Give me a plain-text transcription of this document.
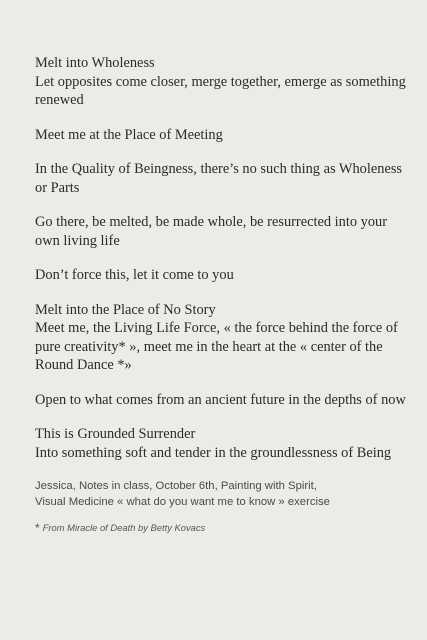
Melt into Wholeness
Let opposites come closer, merge together, emerge as something renewed

Meet me at the Place of Meeting

In the Quality of Beingness, there’s no such thing as Wholeness or Parts

Go there, be melted, be made whole, be resurrected into your own living life

Don’t force this, let it come to you

Melt into the Place of No Story
Meet me, the Living Life Force, « the force behind the force of pure creativity* », meet me in the heart at the « center of the Round Dance *»

Open to what comes from an ancient future in the depths of now

This is Grounded Surrender
Into something soft and tender in the groundlessness of Being

Jessica, Notes in class, October 6th, Painting with Spirit,
Visual Medicine « what do you want me to know » exercise
* From Miracle of Death by Betty Kovacs
